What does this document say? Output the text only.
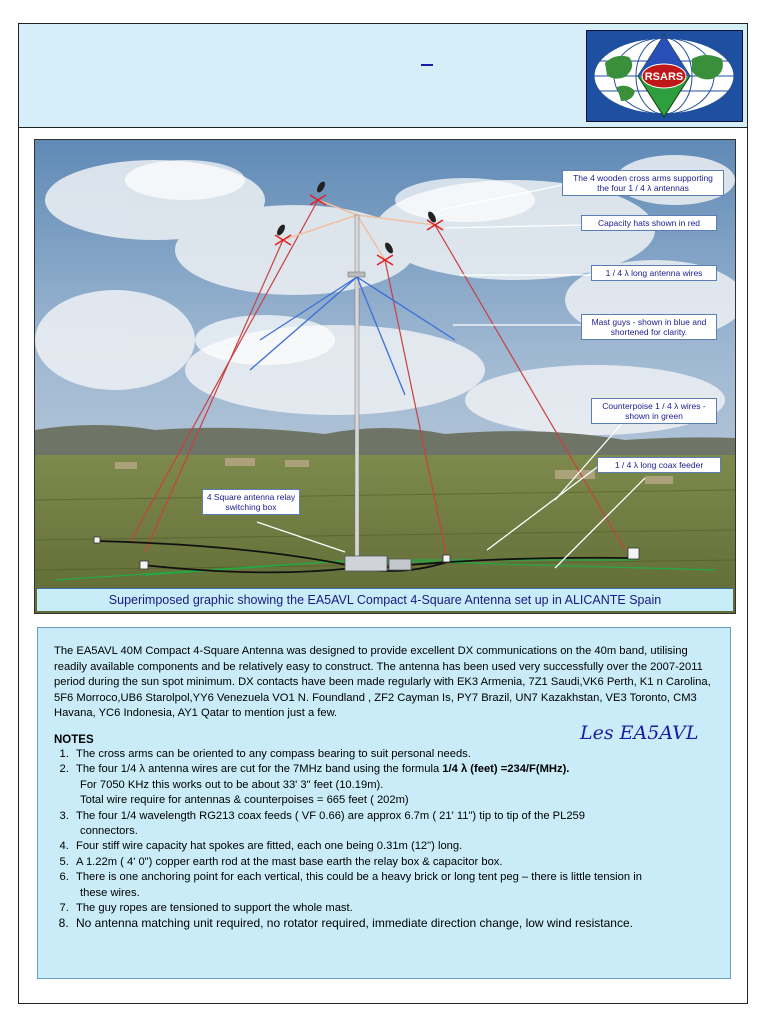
RSARS
The 4 wooden cross arms supporting the four 1 / 4 λ antennas
Capacity hats shown in red
1 / 4 λ long antenna wires
Mast guys - shown in blue and shortened for clarity.
Counterpoise 1 / 4 λ wires - shown in green
1 / 4 λ long coax feeder
4 Square antenna relay switching box
Superimposed graphic showing the EA5AVL Compact 4-Square Antenna set up in ALICANTE Spain

The EA5AVL 40M Compact 4-Square Antenna was designed to provide excellent DX communications on the 40m band, utilising readily available components and be relatively easy to construct. The antenna has been used very successfully over the 2007-2011 period during the sun spot minimum. DX contacts have been made regularly with EK3 Armenia, 7Z1 Saudi,VK6 Perth, K1 n Carolina, 5F6 Morroco,UB6 Starolpol,YY6 Venezuela VO1 N. Foundland , ZF2 Cayman Is, PY7 Brazil, UN7 Kazakhstan, VE3 Toronto, CM3 Havana, YC6 Indonesia, AY1 Qatar to mention just a few.

Les EA5AVL
NOTES
1. The cross arms can be oriented to any compass bearing to suit personal needs.
2. The four 1/4 λ antenna wires are cut for the 7MHz band using the formula 1/4 λ (feet) =234/F(MHz).
For 7050 KHz this works out to be about 33' 3" feet (10.19m).
Total wire require for antennas & counterpoises = 665 feet ( 202m)
3. The four 1/4 wavelength RG213 coax feeds ( VF 0.66) are approx 6.7m ( 21' 11") tip to tip of the PL259
connectors.
4. Four stiff wire capacity hat spokes are fitted, each one being 0.31m (12") long.
5. A 1.22m ( 4' 0") copper earth rod at the mast base earth the relay box & capacitor box.
6. There is one anchoring point for each vertical, this could be a heavy brick or long tent peg – there is little tension in
these wires.
7. The guy ropes are tensioned to support the whole mast.
8. No antenna matching unit required, no rotator required, immediate direction change, low wind resistance.
